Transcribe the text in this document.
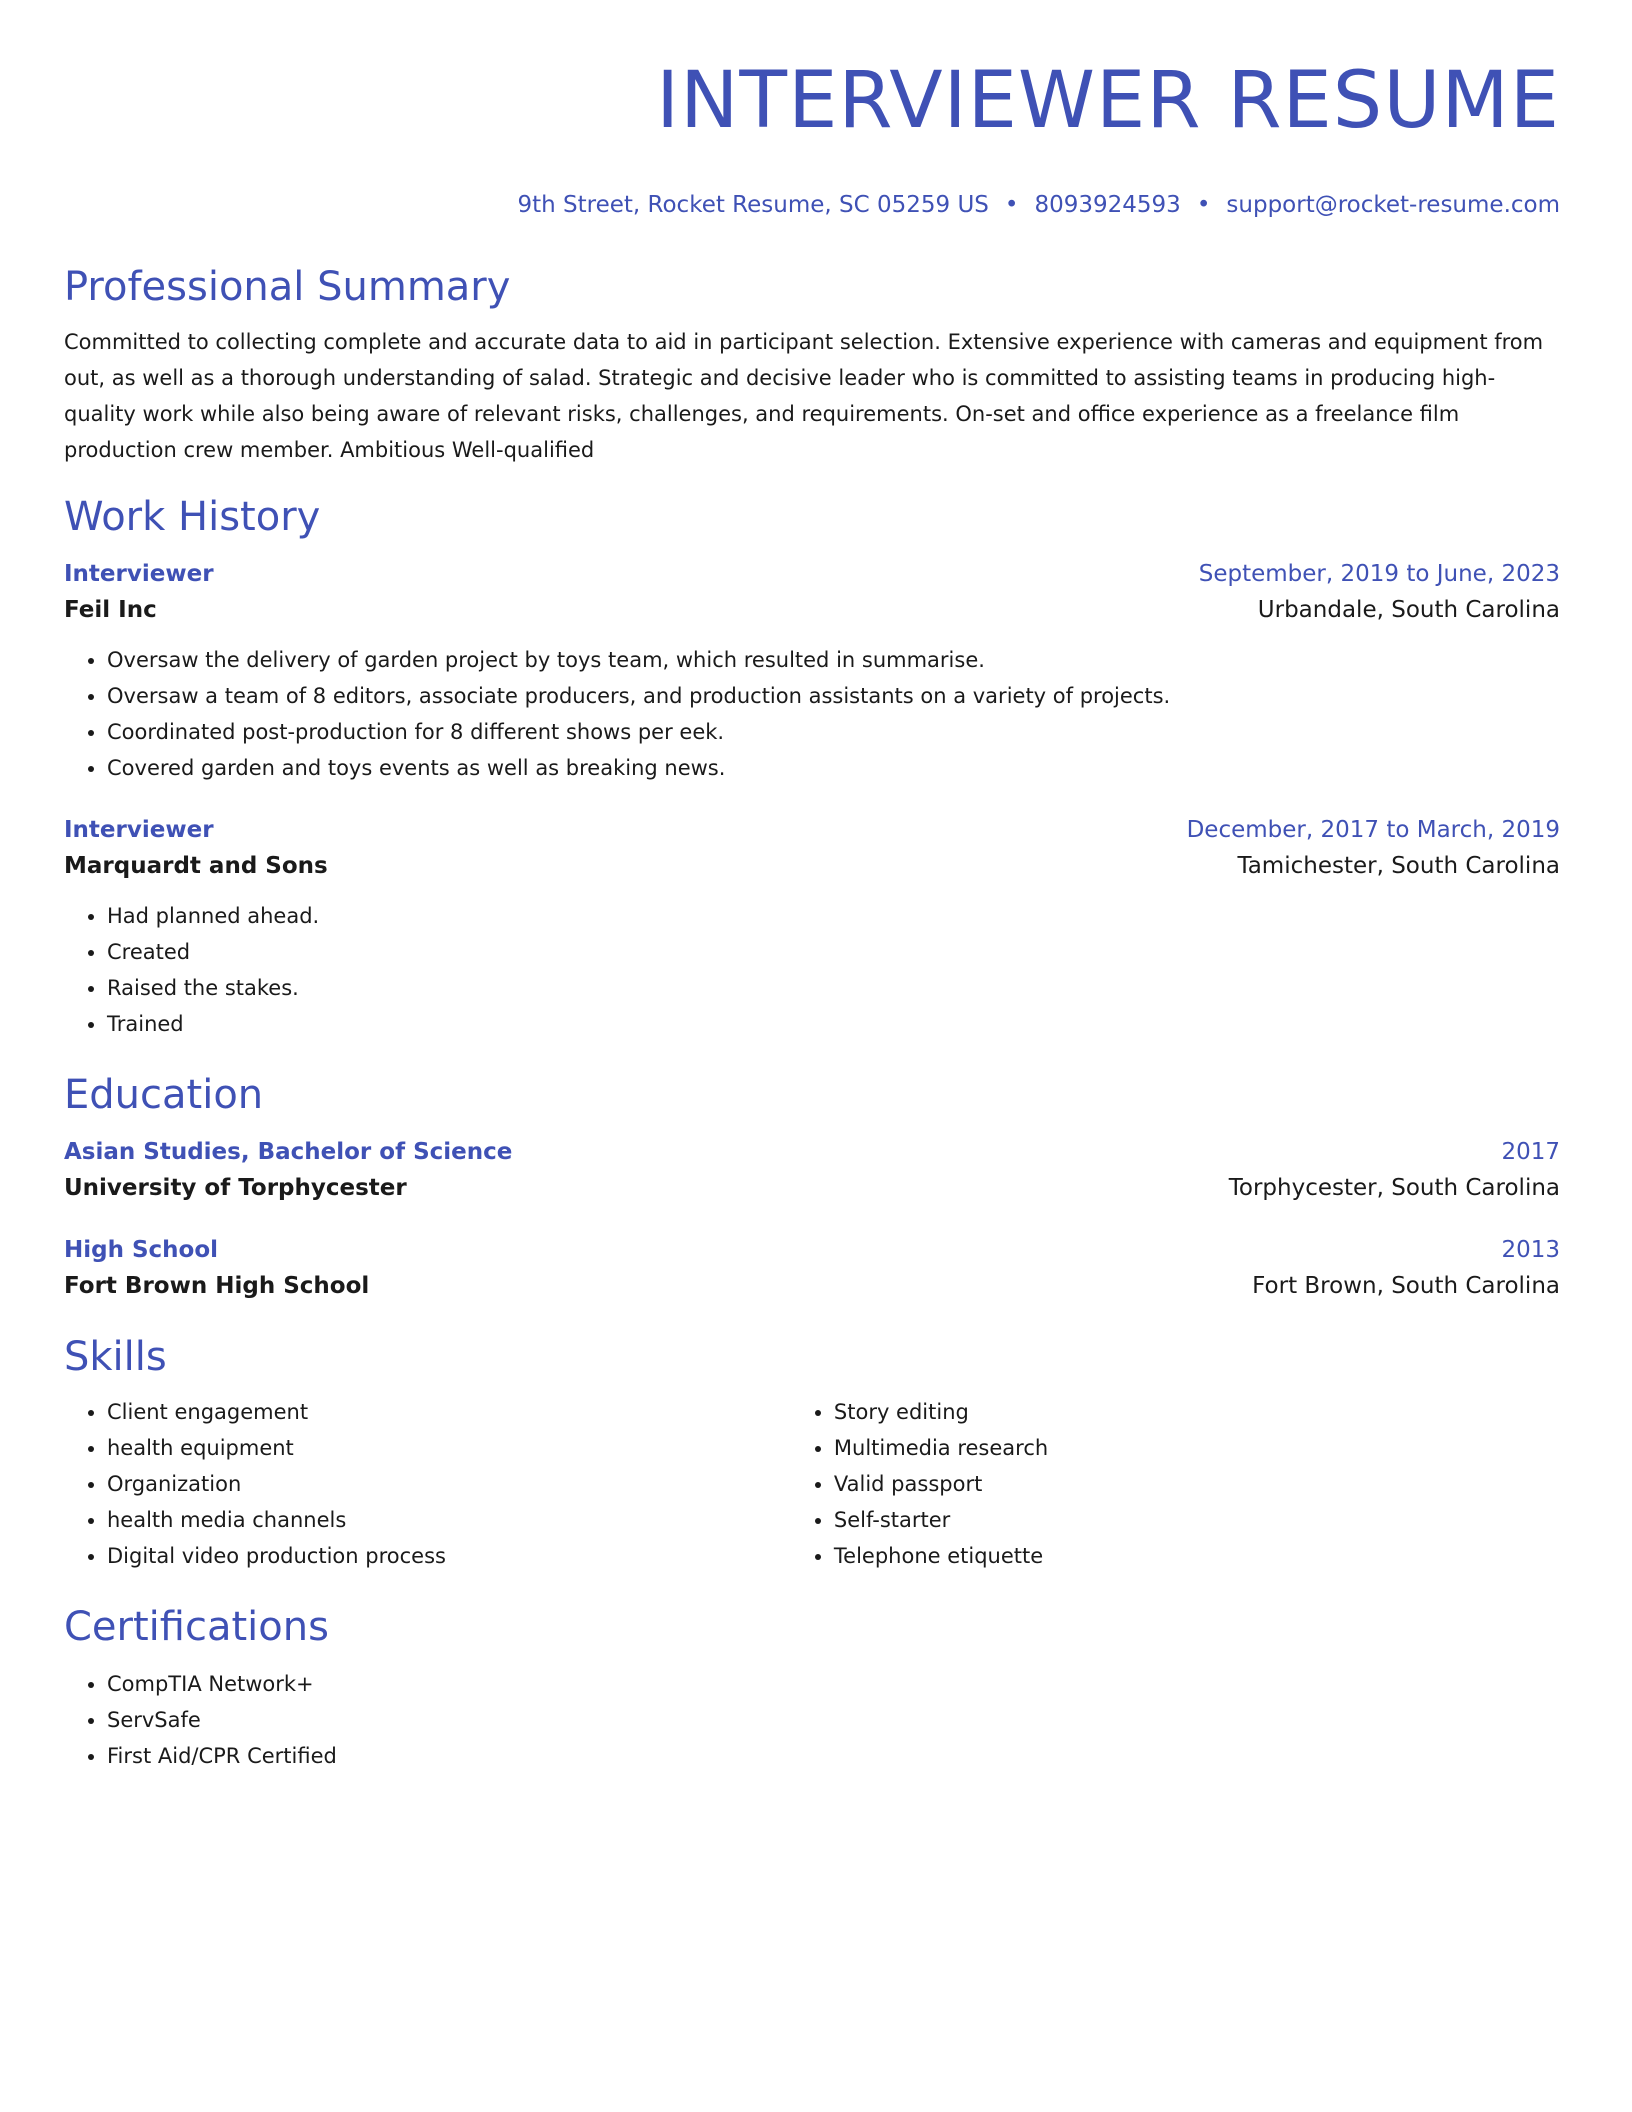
INTERVIEWER RESUME
9th Street, Rocket Resume, SC 05259 US • 8093924593 • support@rocket-resume.com
Professional Summary

Committed to collecting complete and accurate data to aid in participant selection. Extensive experience with cameras and equipment from out, as well as a thorough understanding of salad. Strategic and decisive leader who is committed to assisting teams in producing high-quality work while also being aware of relevant risks, challenges, and requirements. On-set and office experience as a freelance film production crew member. Ambitious Well-qualified

Work History
Interviewer	September, 2019 to June, 2023
Feil Inc	Urbandale, South Carolina
• Oversaw the delivery of garden project by toys team, which resulted in summarise.
• Oversaw a team of 8 editors, associate producers, and production assistants on a variety of projects.
• Coordinated post-production for 8 different shows per eek.
• Covered garden and toys events as well as breaking news.
Interviewer	December, 2017 to March, 2019
Marquardt and Sons	Tamichester, South Carolina
• Had planned ahead.
• Created
• Raised the stakes.
• Trained
Education
Asian Studies, Bachelor of Science	2017
University of Torphycester	Torphycester, South Carolina
High School	2013
Fort Brown High School	Fort Brown, South Carolina
Skills
• Client engagement
• health equipment
• Organization
• health media channels
• Digital video production process
• Story editing
• Multimedia research
• Valid passport
• Self-starter
• Telephone etiquette
Certifications
• CompTIA Network+
• ServSafe
• First Aid/CPR Certified
